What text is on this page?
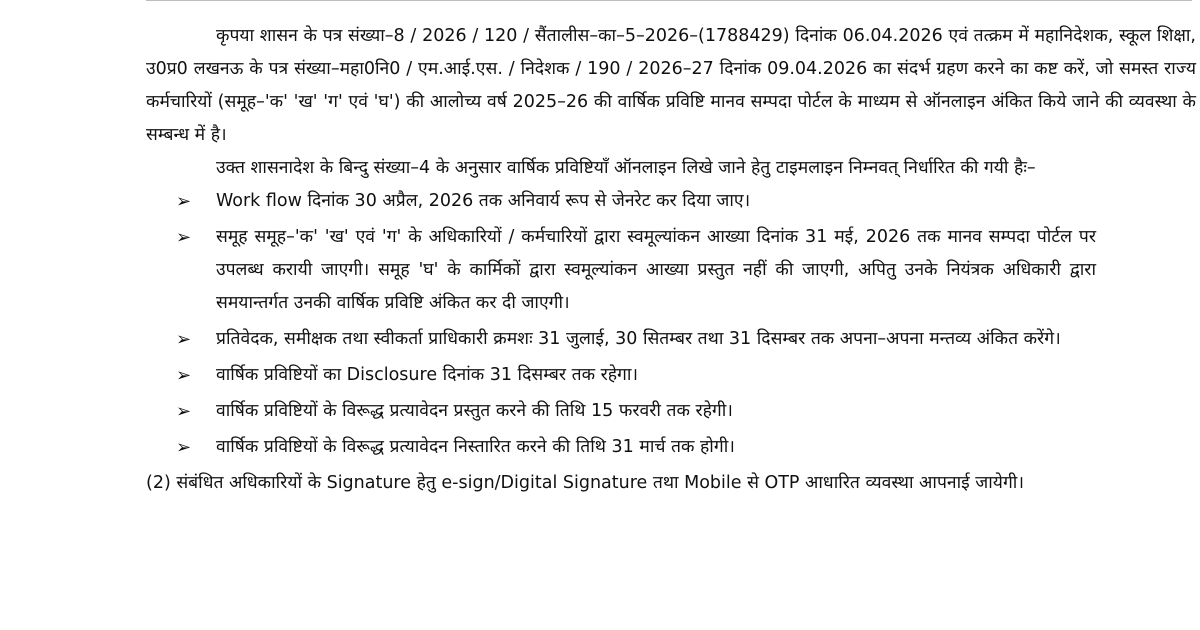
कृपया शासन के पत्र संख्या–8 / 2026 / 120 / सैंतालीस–का–5–2026–(1788429) दिनांक 06.04.2026 एवं तत्क्रम में महानिदेशक, स्कूल शिक्षा, उ0प्र0 लखनऊ के पत्र संख्या–महा0नि0 / एम.आई.एस. / निदेशक / 190 / 2026–27 दिनांक 09.04.2026 का संदर्भ ग्रहण करने का कष्ट करें, जो समस्त राज्य कर्मचारियों (समूह–'क' 'ख' 'ग' एवं 'घ') की आलोच्य वर्ष 2025–26 की वार्षिक प्रविष्टि मानव सम्पदा पोर्टल के माध्यम से ऑनलाइन अंकित किये जाने की व्यवस्था के सम्बन्ध में है।

उक्त शासनादेश के बिन्दु संख्या–4 के अनुसार वार्षिक प्रविष्टियाँ ऑनलाइन लिखे जाने हेतु टाइमलाइन निम्नवत् निर्धारित की गयी हैः–

➢ Work flow दिनांक 30 अप्रैल, 2026 तक अनिवार्य रूप से जेनरेट कर दिया जाए।
➢ समूह समूह–'क' 'ख' एवं 'ग' के अधिकारियों / कर्मचारियों द्वारा स्वमूल्यांकन आख्या दिनांक 31 मई, 2026 तक मानव सम्पदा पोर्टल पर उपलब्ध करायी जाएगी। समूह 'घ' के कार्मिकों द्वारा स्वमूल्यांकन आख्या प्रस्तुत नहीं की जाएगी, अपितु उनके नियंत्रक अधिकारी द्वारा समयान्तर्गत उनकी वार्षिक प्रविष्टि अंकित कर दी जाएगी।
➢ प्रतिवेदक, समीक्षक तथा स्वीकर्ता प्राधिकारी क्रमशः 31 जुलाई, 30 सितम्बर तथा 31 दिसम्बर तक अपना–अपना मन्तव्य अंकित करेंगे।
➢ वार्षिक प्रविष्टियों का Disclosure दिनांक 31 दिसम्बर तक रहेगा।
➢ वार्षिक प्रविष्टियों के विरूद्ध प्रत्यावेदन प्रस्तुत करने की तिथि 15 फरवरी तक रहेगी।
➢ वार्षिक प्रविष्टियों के विरूद्ध प्रत्यावेदन निस्तारित करने की तिथि 31 मार्च तक होगी।

(2) संबंधित अधिकारियों के Signature हेतु e-sign/Digital Signature तथा Mobile से OTP आधारित व्यवस्था आपनाई जायेगी।
